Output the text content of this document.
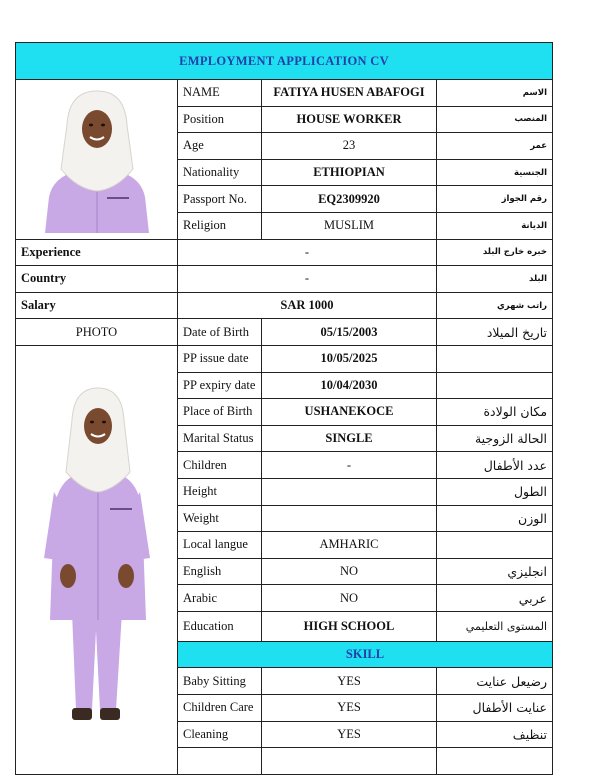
EMPLOYMENT APPLICATION CV			

	NAME	FATIYA HUSEN ABAFOGI	الاسم
	Position	HOUSE WORKER	المنصب
	Age	23	عمر
	Nationality	ETHIOPIAN	الجنسية
	Passport No.	EQ2309920	رقم الجواز
	Religion	MUSLIM	الديانة
Experience	-		خبره خارج البلد
Country	-		البلد
Salary	SAR 1000		راتب شهري
PHOTO	Date of Birth	05/15/2003	تاريخ الميلاد

	PP issue date	10/05/2025	
	PP expiry date	10/04/2030	
	Place of Birth	USHANEKOCE	مكان الولادة
	Marital Status	SINGLE	الحالة الزوجية
	Children	-	عدد الأطفال
	Height		الطول
	Weight		الوزن
	Local langue	AMHARIC	
	English	NO	انجليزي
	Arabic	NO	عربي
	Education	HIGH SCHOOL	المستوى التعليمي
	SKILL		
	Baby Sitting	YES	رضيعل عنايت
	Children Care	YES	عنايت الأطفال
	Cleaning	YES	تنظيف
